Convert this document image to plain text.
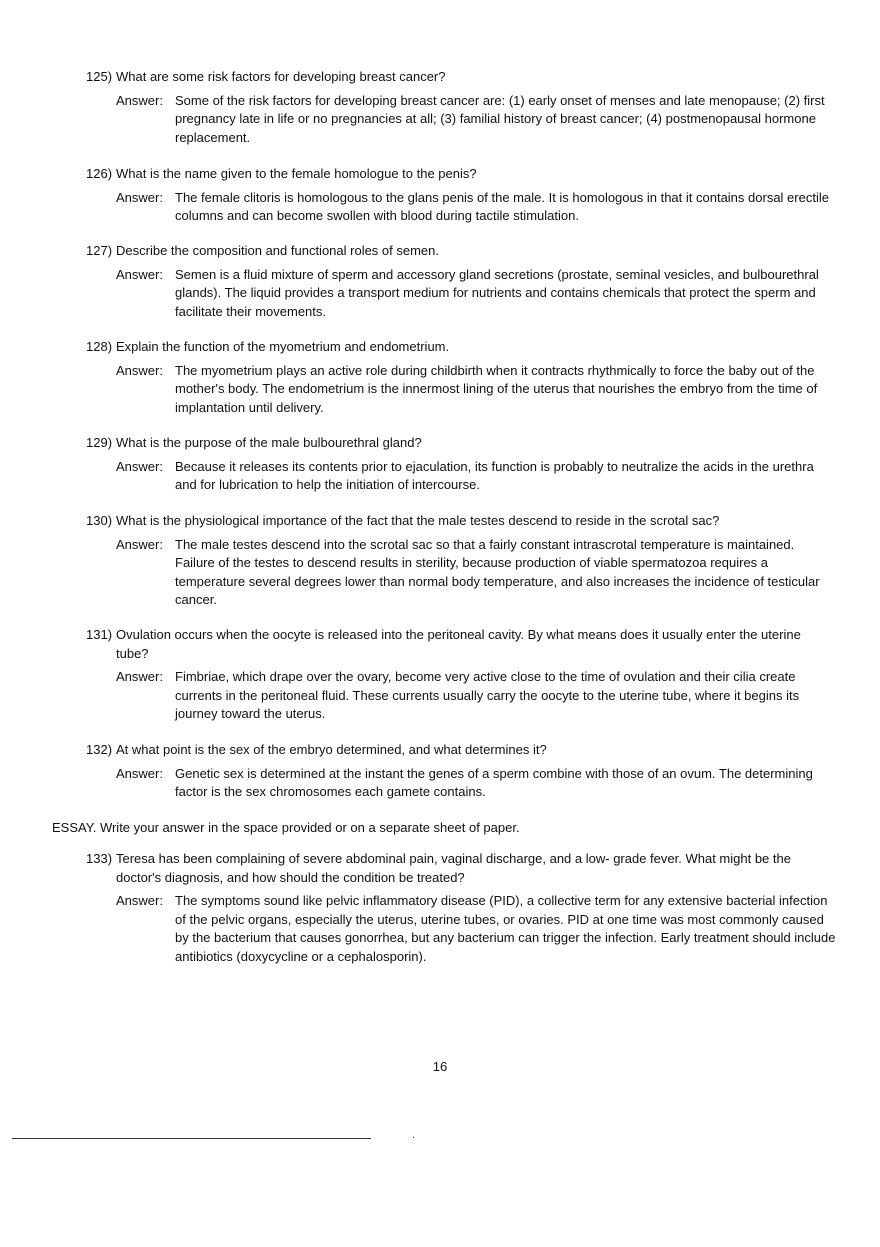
125) What are some risk factors for developing breast cancer?
Answer: Some of the risk factors for developing breast cancer are: (1) early onset of menses and late menopause; (2) first pregnancy late in life or no pregnancies at all; (3) familial history of breast cancer; (4) postmenopausal hormone replacement.
126) What is the name given to the female homologue to the penis?
Answer: The female clitoris is homologous to the glans penis of the male. It is homologous in that it contains dorsal erectile columns and can become swollen with blood during tactile stimulation.
127) Describe the composition and functional roles of semen.
Answer: Semen is a fluid mixture of sperm and accessory gland secretions (prostate, seminal vesicles, and bulbourethral glands). The liquid provides a transport medium for nutrients and contains chemicals that protect the sperm and facilitate their movements.
128) Explain the function of the myometrium and endometrium.
Answer: The myometrium plays an active role during childbirth when it contracts rhythmically to force the baby out of the mother's body. The endometrium is the innermost lining of the uterus that nourishes the embryo from the time of implantation until delivery.
129) What is the purpose of the male bulbourethral gland?
Answer: Because it releases its contents prior to ejaculation, its function is probably to neutralize the acids in the urethra and for lubrication to help the initiation of intercourse.
130) What is the physiological importance of the fact that the male testes descend to reside in the scrotal sac?
Answer: The male testes descend into the scrotal sac so that a fairly constant intrascrotal temperature is maintained. Failure of the testes to descend results in sterility, because production of viable spermatozoa requires a temperature several degrees lower than normal body temperature, and also increases the incidence of testicular cancer.
131) Ovulation occurs when the oocyte is released into the peritoneal cavity. By what means does it usually enter the uterine tube?
Answer: Fimbriae, which drape over the ovary, become very active close to the time of ovulation and their cilia create currents in the peritoneal fluid. These currents usually carry the oocyte to the uterine tube, where it begins its journey toward the uterus.
132) At what point is the sex of the embryo determined, and what determines it?
Answer: Genetic sex is determined at the instant the genes of a sperm combine with those of an ovum. The determining factor is the sex chromosomes each gamete contains.
ESSAY. Write your answer in the space provided or on a separate sheet of paper.
133) Teresa has been complaining of severe abdominal pain, vaginal discharge, and a low- grade fever. What might be the doctor's diagnosis, and how should the condition be treated?
Answer: The symptoms sound like pelvic inflammatory disease (PID), a collective term for any extensive bacterial infection of the pelvic organs, especially the uterus, uterine tubes, or ovaries. PID at one time was most commonly caused by the bacterium that causes gonorrhea, but any bacterium can trigger the infection. Early treatment should include antibiotics (doxycycline or a cephalosporin).
16
.
